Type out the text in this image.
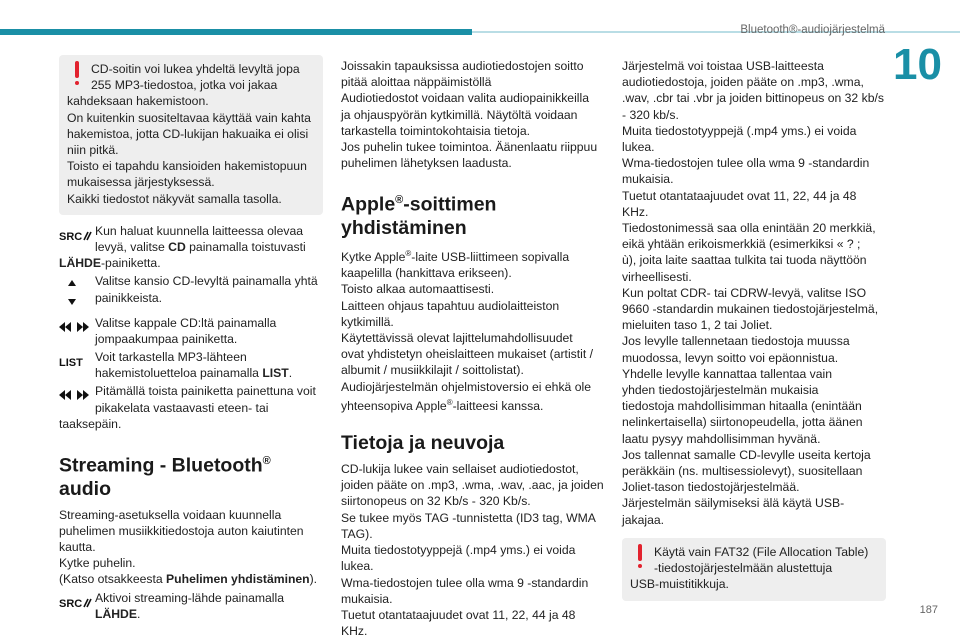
Bluetooth®-audiojärjestelmä
10
187
CD-soitin voi lukea yhdeltä levyltä jopa
255 MP3-tiedostoa, jotka voi jakaa
kahdeksaan hakemistoon.
On kuitenkin suositeltavaa käyttää vain kahta
hakemistoa, jotta CD-lukijan hakuaika ei olisi
niin pitkä.
Toisto ei tapahdu kansioiden hakemistopuun
mukaisessa järjestyksessä.
Kaikki tiedostot näkyvät samalla tasolla.
SRC	Kun haluat kuunnella laitteessa olevaa
levyä, valitse CD painamalla toistuvasti
LÄHDE-painiketta.
Valitse kansio CD-levyltä painamalla yhtä
painikkeista.
Valitse kappale CD:ltä painamalla
jompaakumpaa painiketta.
LIST Voit tarkastella MP3-lähteen
hakemistoluetteloa painamalla LIST.
Pitämällä toista painiketta painettuna voit
pikakelata vastaavasti eteen- tai
taaksepäin.
Streaming - Bluetooth®
audio
Streaming-asetuksella voidaan kuunnella
puhelimen musiikkitiedostoja auton kaiutinten
kautta.
Kytke puhelin.
(Katso otsakkeesta Puhelimen yhdistäminen).
SRC	Aktivoi streaming-lähde painamalla
LÄHDE.
Joissakin tapauksissa audiotiedostojen soitto
pitää aloittaa näppäimistöllä
Audiotiedostot voidaan valita audiopainikkeilla
ja ohjauspyörän kytkimillä. Näytöltä voidaan
tarkastella toimintokohtaisia tietoja.
Jos puhelin tukee toimintoa. Äänenlaatu riippuu
puhelimen lähetyksen laadusta.
Apple®-soittimen
yhdistäminen
Kytke Apple®-laite USB-liittimeen sopivalla
kaapelilla (hankittava erikseen).
Toisto alkaa automaattisesti.
Laitteen ohjaus tapahtuu audiolaitteiston
kytkimillä.
Käytettävissä olevat lajittelumahdollisuudet
ovat yhdistetyn oheislaitteen mukaiset (artistit /
albumit / musiikkilajit / soittolistat).
Audiojärjestelmän ohjelmistoversio ei ehkä ole
yhteensopiva Apple®-laitteesi kanssa.
Tietoja ja neuvoja
CD-lukija lukee vain sellaiset audiotiedostot,
joiden pääte on .mp3, .wma, .wav, .aac, ja joiden
siirtonopeus on 32 Kb/s - 320 Kb/s.
Se tukee myös TAG -tunnistetta (ID3 tag, WMA
TAG).
Muita tiedostotyyppejä (.mp4 yms.) ei voida
lukea.
Wma-tiedostojen tulee olla wma 9 -standardin
mukaisia.
Tuetut otantataajuudet ovat 11, 22, 44 ja 48 KHz.
Järjestelmä voi toistaa USB-laitteesta
audiotiedostoja, joiden pääte on .mp3, .wma,
.wav, .cbr tai .vbr ja joiden bittinopeus on 32 kb/s
- 320 kb/s.
Muita tiedostotyyppejä (.mp4 yms.) ei voida
lukea.
Wma-tiedostojen tulee olla wma 9 -standardin
mukaisia.
Tuetut otantataajuudet ovat 11, 22, 44 ja 48 KHz.
Tiedostonimessä saa olla enintään 20 merkkiä,
eikä yhtään erikoismerkkiä (esimerkiksi « ? ;
ù), joita laite saattaa tulkita tai tuoda näyttöön
virheellisesti.
Kun poltat CDR- tai CDRW-levyä, valitse ISO
9660 -standardin mukainen tiedostojärjestelmä,
mieluiten taso 1, 2 tai Joliet.
Jos levylle tallennetaan tiedostoja muussa
muodossa, levyn soitto voi epäonnistua.
Yhdelle levylle kannattaa tallentaa vain
yhden tiedostojärjestelmän mukaisia
tiedostoja mahdollisimman hitaalla (enintään
nelinkertaisella) siirtonopeudella, jotta äänen
laatu pysyy mahdollisimman hyvänä.
Jos tallennat samalle CD-levylle useita kertoja
peräkkäin (ns. multisessiolevyt), suositellaan
Joliet-tason tiedostojärjestelmää.
Järjestelmän säilymiseksi älä käytä USB-jakajaa.
Käytä vain FAT32 (File Allocation Table)
-tiedostojärjestelmään alustettuja
USB-muistitikkuja.
